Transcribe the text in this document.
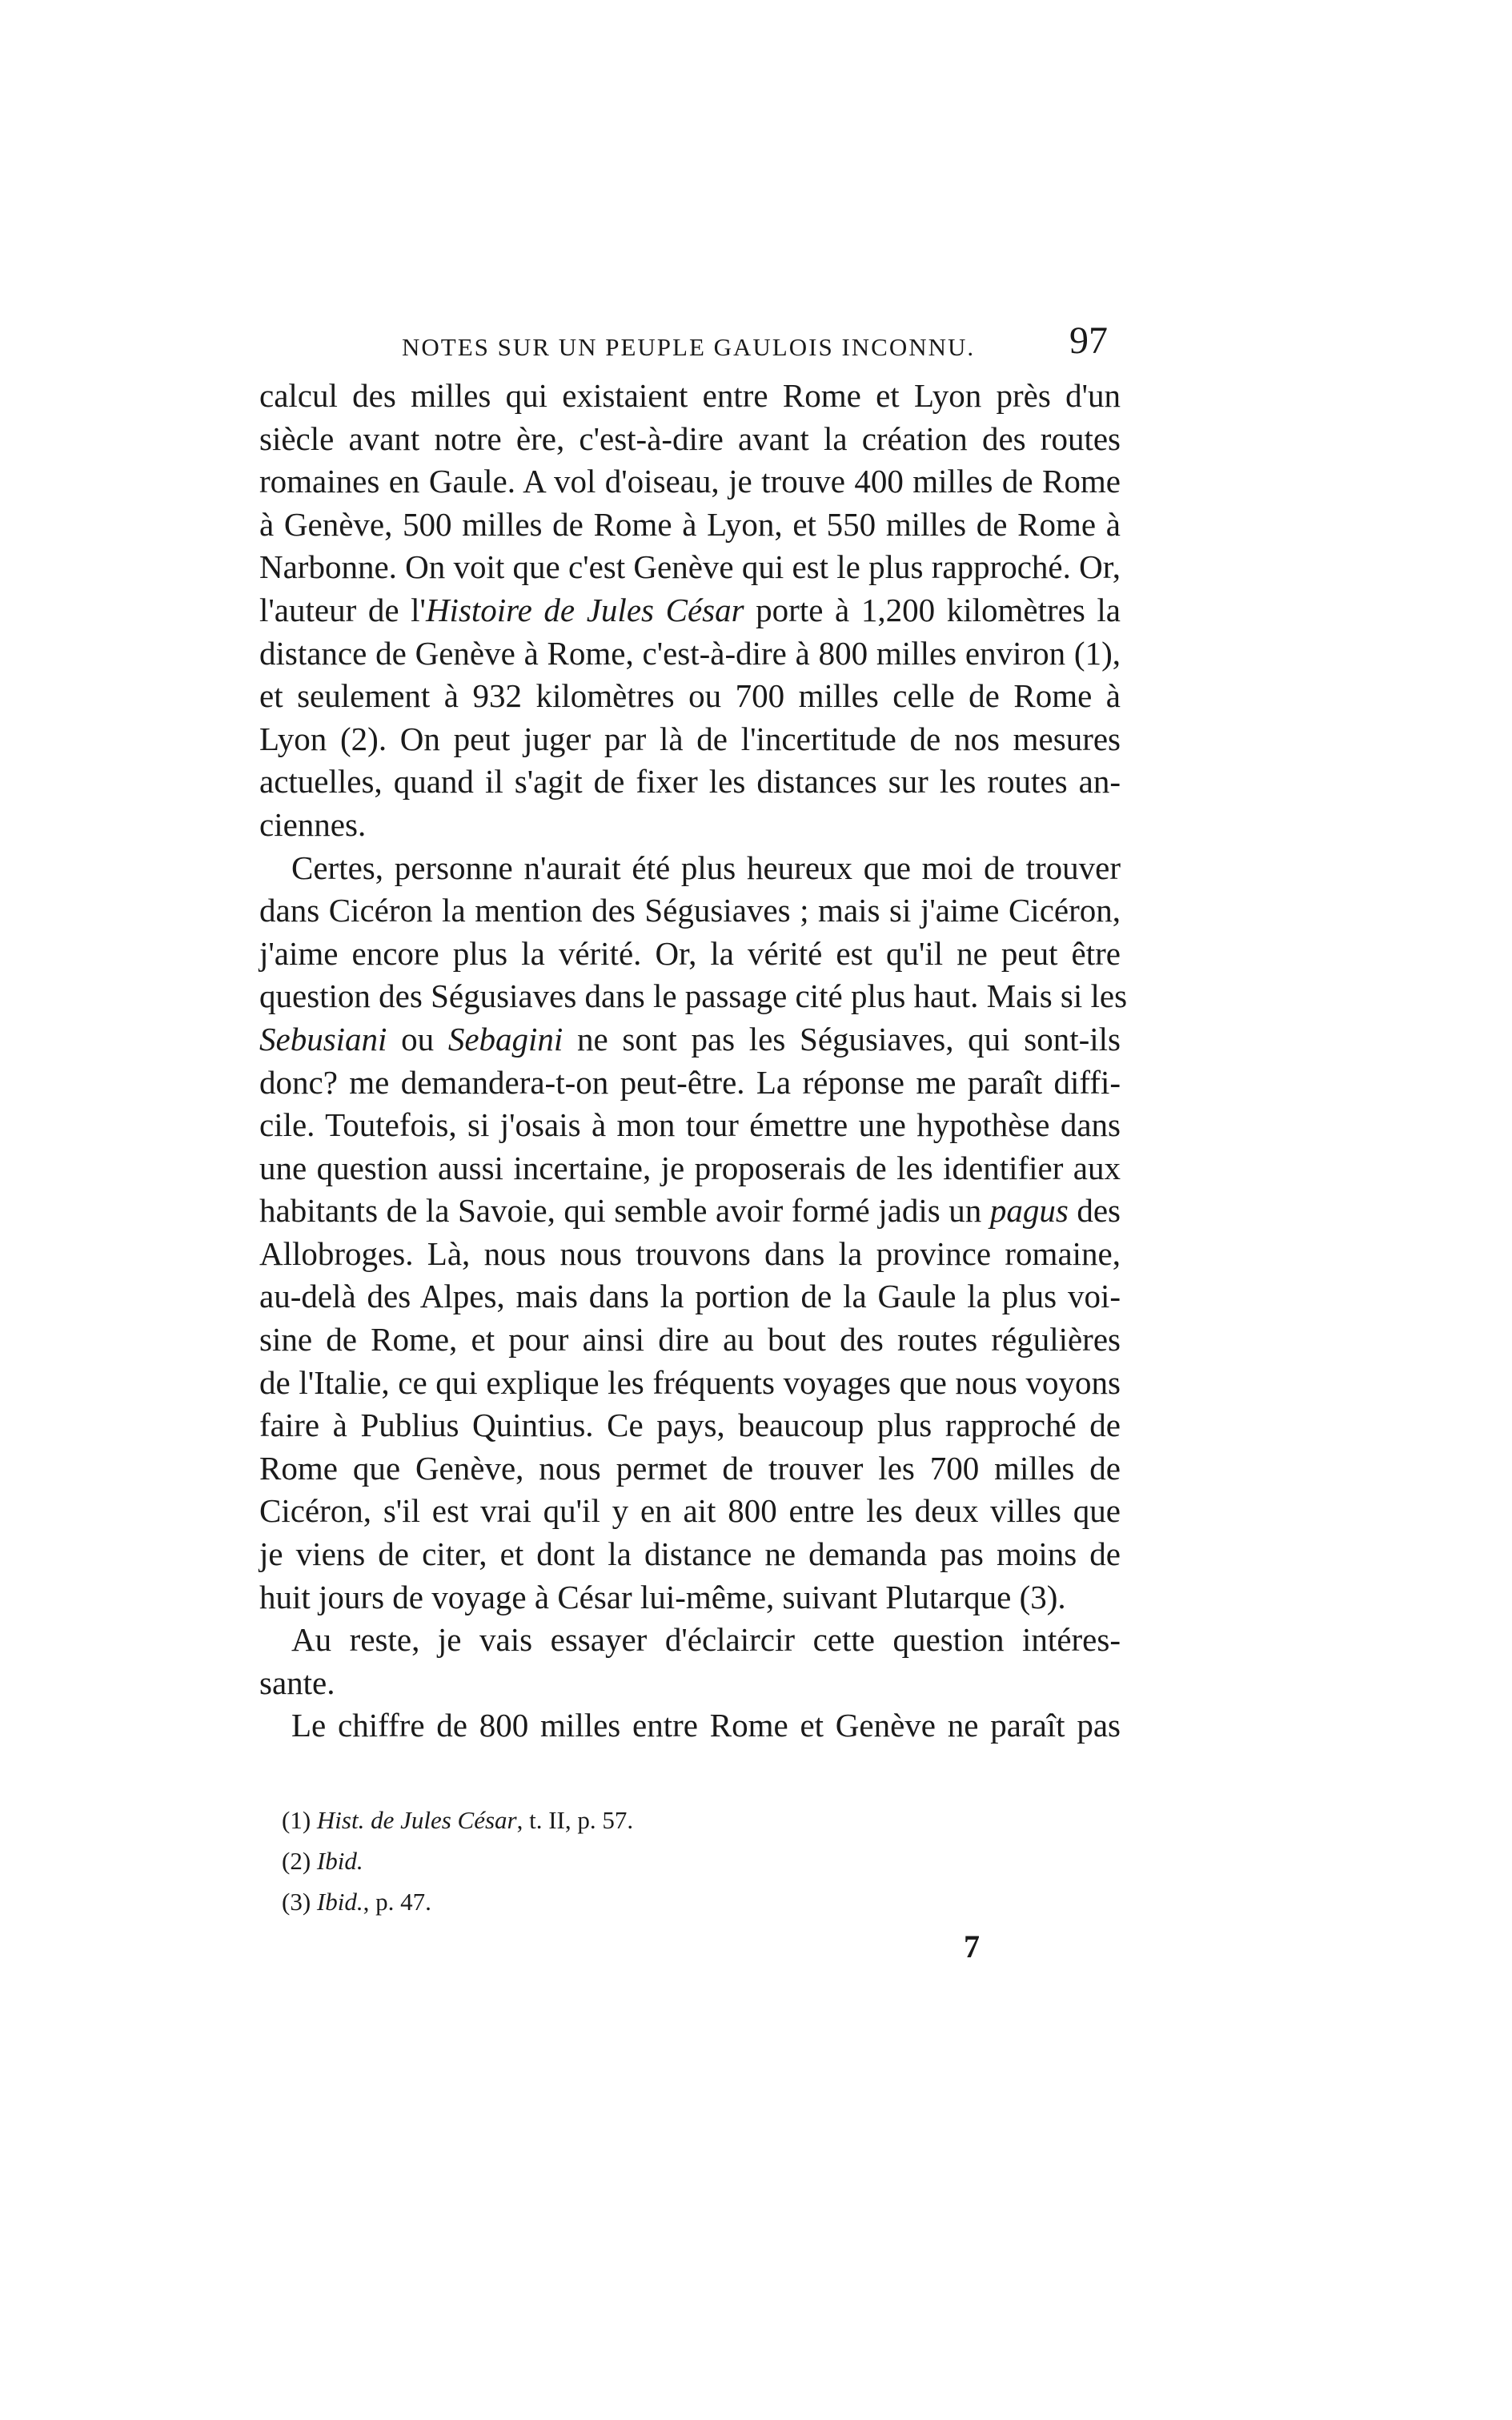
NOTES SUR UN PEUPLE GAULOIS INCONNU. 97
calcul des milles qui existaient entre Rome et Lyon près d'un
siècle avant notre ère, c'est-à-dire avant la création des routes
romaines en Gaule. A vol d'oiseau, je trouve 400 milles de Rome
à Genève, 500 milles de Rome à Lyon, et 550 milles de Rome à
Narbonne. On voit que c'est Genève qui est le plus rapproché. Or,
l'auteur de l'Histoire de Jules César porte à 1,200 kilomètres la
distance de Genève à Rome, c'est-à-dire à 800 milles environ (1),
et seulement à 932 kilomètres ou 700 milles celle de Rome à
Lyon (2). On peut juger par là de l'incertitude de nos mesures
actuelles, quand il s'agit de fixer les distances sur les routes an-
ciennes.
Certes, personne n'aurait été plus heureux que moi de trouver
dans Cicéron la mention des Ségusiaves ; mais si j'aime Cicéron,
j'aime encore plus la vérité. Or, la vérité est qu'il ne peut être
question des Ségusiaves dans le passage cité plus haut. Mais si les
Sebusiani ou Sebagini ne sont pas les Ségusiaves, qui sont-ils
donc? me demandera-t-on peut-être. La réponse me paraît diffi-
cile. Toutefois, si j'osais à mon tour émettre une hypothèse dans
une question aussi incertaine, je proposerais de les identifier aux
habitants de la Savoie, qui semble avoir formé jadis un pagus des
Allobroges. Là, nous nous trouvons dans la province romaine,
au-delà des Alpes, mais dans la portion de la Gaule la plus voi-
sine de Rome, et pour ainsi dire au bout des routes régulières
de l'Italie, ce qui explique les fréquents voyages que nous voyons
faire à Publius Quintius. Ce pays, beaucoup plus rapproché de
Rome que Genève, nous permet de trouver les 700 milles de
Cicéron, s'il est vrai qu'il y en ait 800 entre les deux villes que
je viens de citer, et dont la distance ne demanda pas moins de
huit jours de voyage à César lui-même, suivant Plutarque (3).
Au reste, je vais essayer d'éclaircir cette question intéres-
sante.
Le chiffre de 800 milles entre Rome et Genève ne paraît pas
(1) Hist. de Jules César, t. II, p. 57.
(2) Ibid.
(3) Ibid., p. 47.
7
